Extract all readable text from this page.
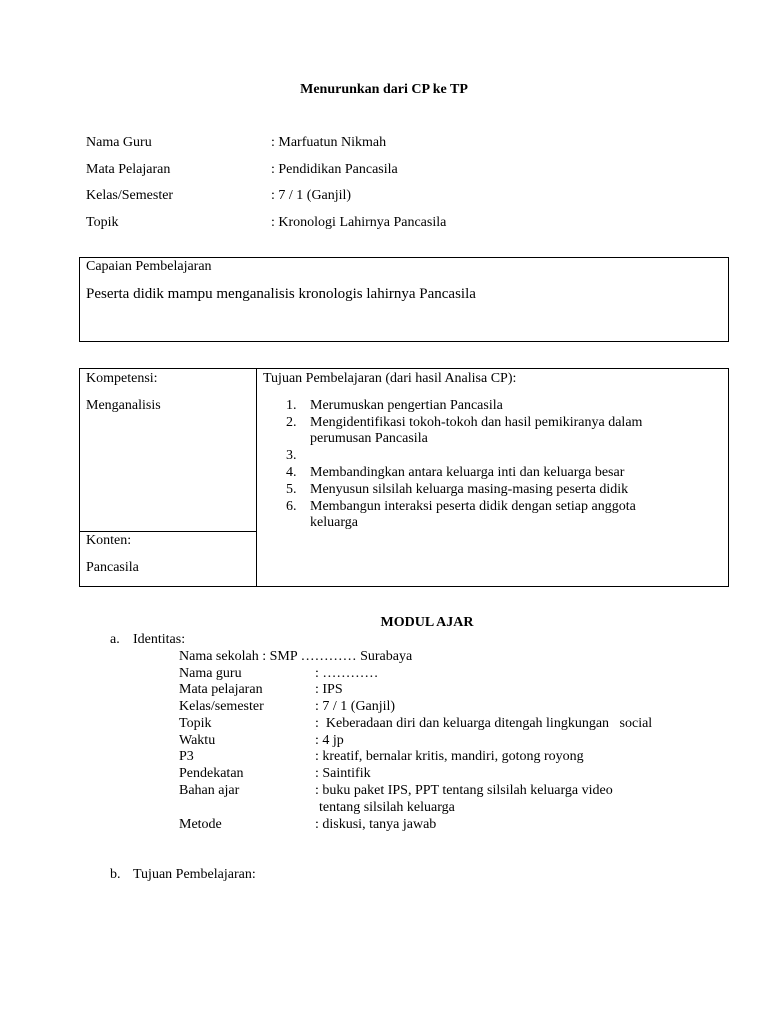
Menurunkan dari CP ke TP
Nama Guru	: Marfuatun Nikmah
Mata Pelajaran	: Pendidikan Pancasila
Kelas/Semester	: 7 / 1 (Ganjil)
Topik	: Kronologi Lahirnya Pancasila
Capaian Pembelajaran
Peserta didik mampu menganalisis kronologis lahirnya Pancasila
Kompetensi:
Menganalisis
Konten:
Pancasila
Tujuan Pembelajaran (dari hasil Analisa CP):
1. Merumuskan pengertian Pancasila
2. Mengidentifikasi tokoh-tokoh dan hasil pemikiranya dalam
perumusan Pancasila
3.
4. Membandingkan antara keluarga inti dan keluarga besar
5. Menyusun silsilah keluarga masing-masing peserta didik
6. Membangun interaksi peserta didik dengan setiap anggota
keluarga
MODUL AJAR
a. Identitas:
Nama sekolah : SMP ………… Surabaya
Nama guru	: …………
Mata pelajaran	: IPS
Kelas/semester	: 7 / 1 (Ganjil)
Topik	:  Keberadaan diri dan keluarga ditengah lingkungan   social
Waktu	: 4 jp
P3	: kreatif, bernalar kritis, mandiri, gotong royong
Pendekatan	: Saintifik
Bahan ajar	: buku paket IPS, PPT tentang silsilah keluarga video
tentang silsilah keluarga
Metode	: diskusi, tanya jawab
b. Tujuan Pembelajaran:
